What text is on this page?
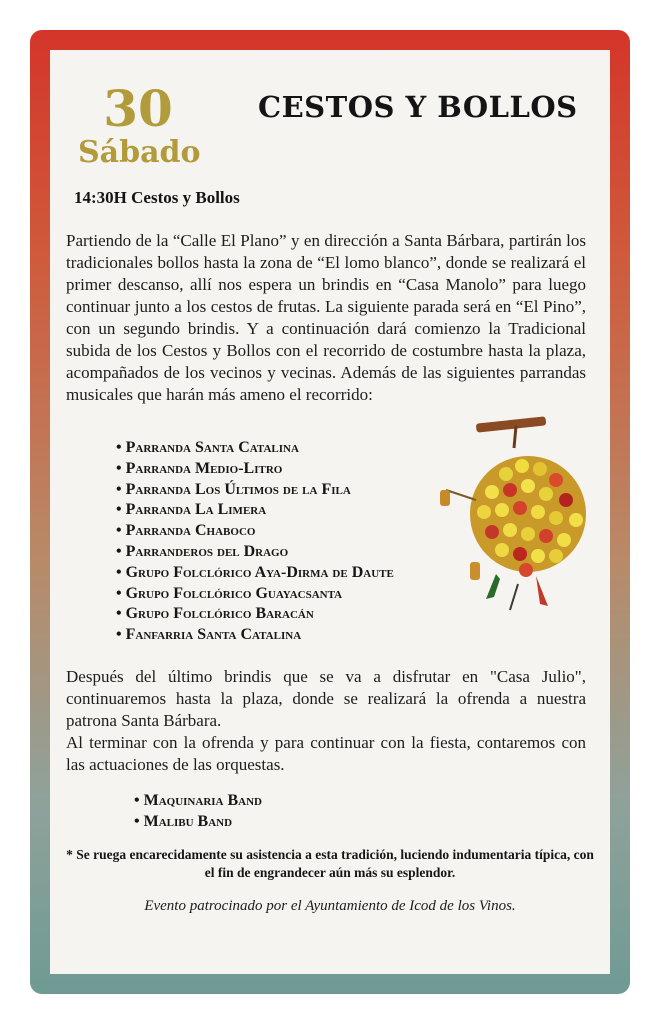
30
Sábado
CESTOS Y BOLLOS
14:30H Cestos y Bollos
Partiendo de la “Calle El Plano” y en dirección a Santa Bárbara, partirán los tradicionales bollos hasta la zona de “El lomo blanco”, donde se realizará el primer descanso, allí nos espera un brindis en “Casa Manolo” para luego continuar junto a los cestos de frutas. La siguiente parada será en “El Pino”, con un segundo brindis. Y a continuación dará comienzo la Tradicional subida de los Cestos y Bollos con el recorrido de costumbre hasta la plaza, acompañados de los vecinos y vecinas. Además de las siguientes parrandas musicales que harán más ameno el recorrido:
• Parranda Santa Catalina
• Parranda Medio-Litro
• Parranda Los Últimos de la Fila
• Parranda La Limera
• Parranda Chaboco
• Parranderos del Drago
• Grupo Folclórico Aya-Dirma de Daute
• Grupo Folclórico Guayacsanta
• Grupo Folclórico Baracán
• Fanfarria Santa Catalina
Después del último brindis que se va a disfrutar en "Casa Julio", continuaremos hasta la plaza, donde se realizará la ofrenda a nuestra patrona Santa Bárbara.
Al terminar con la ofrenda y para continuar con la fiesta, contaremos con las actuaciones de las orquestas.
• Maquinaria Band
• Malibu Band
* Se ruega encarecidamente su asistencia a esta tradición, luciendo indumentaria típica, con el fin de engrandecer aún más su esplendor.
Evento patrocinado por el Ayuntamiento de Icod de los Vinos.
